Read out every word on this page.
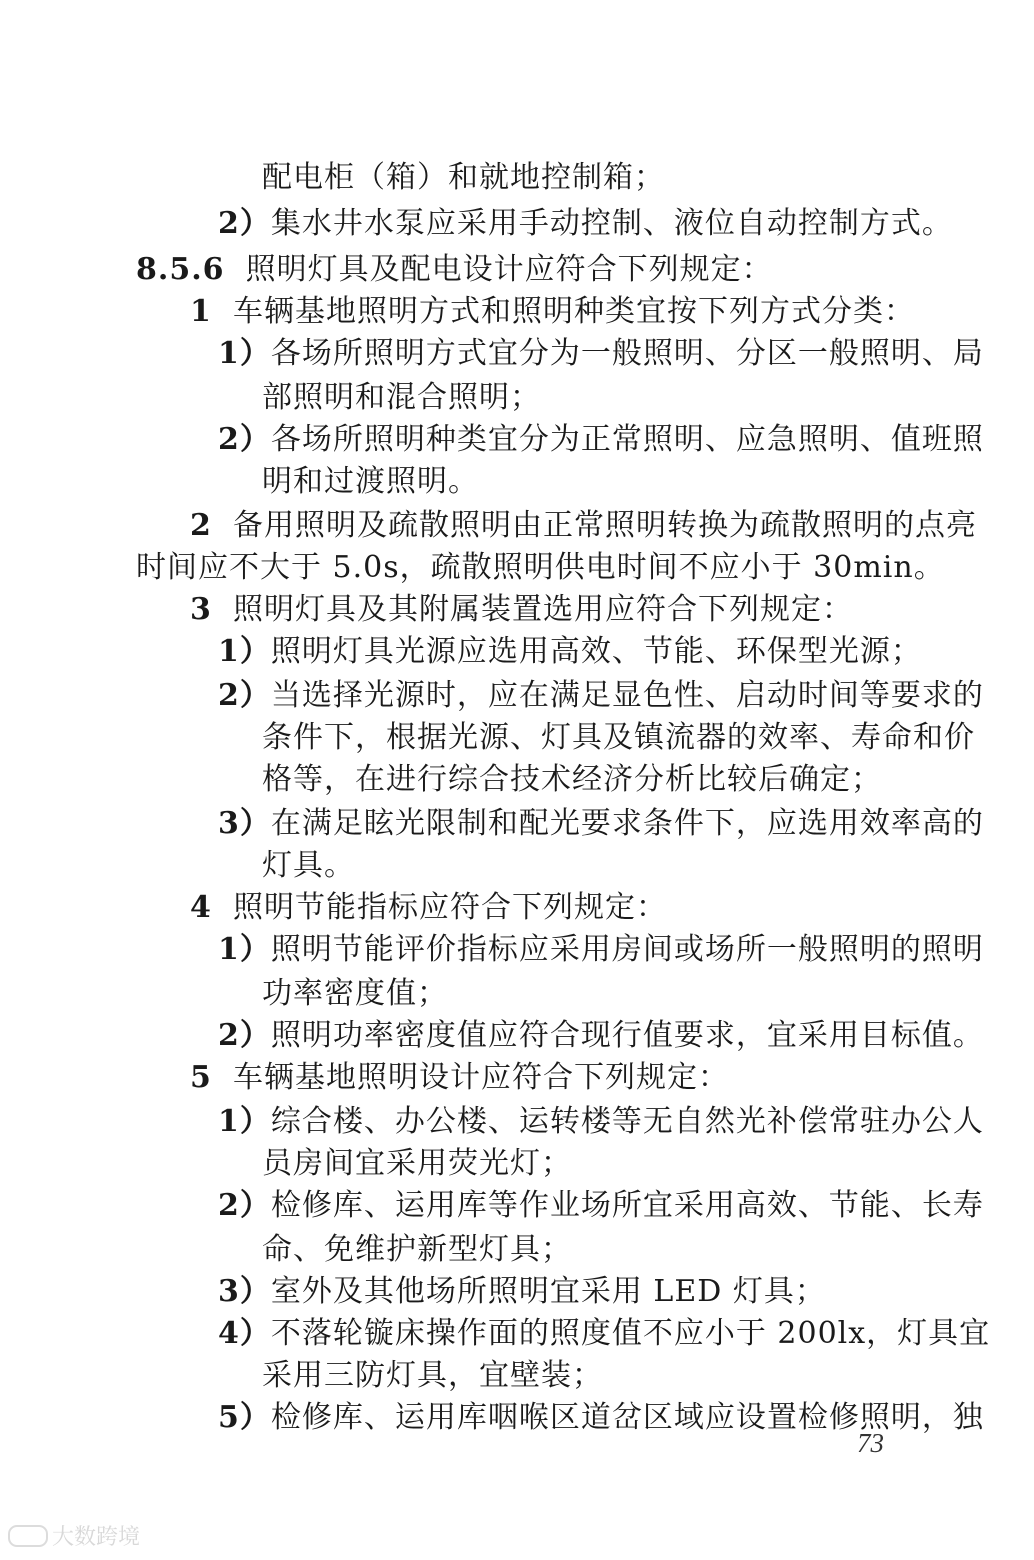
配电柜（箱）和就地控制箱；
2）集水井水泵应采用手动控制、液位自动控制方式。
8.5.6 照明灯具及配电设计应符合下列规定：
1 车辆基地照明方式和照明种类宜按下列方式分类：
1）各场所照明方式宜分为一般照明、分区一般照明、局
部照明和混合照明；
2）各场所照明种类宜分为正常照明、应急照明、值班照
明和过渡照明。
2 备用照明及疏散照明由正常照明转换为疏散照明的点亮
时间应不大于 5.0s，疏散照明供电时间不应小于 30min。
3 照明灯具及其附属装置选用应符合下列规定：
1）照明灯具光源应选用高效、节能、环保型光源；
2）当选择光源时，应在满足显色性、启动时间等要求的
条件下，根据光源、灯具及镇流器的效率、寿命和价
格等，在进行综合技术经济分析比较后确定；
3）在满足眩光限制和配光要求条件下，应选用效率高的
灯具。
4 照明节能指标应符合下列规定：
1）照明节能评价指标应采用房间或场所一般照明的照明
功率密度值；
2）照明功率密度值应符合现行值要求，宜采用目标值。
5 车辆基地照明设计应符合下列规定：
1）综合楼、办公楼、运转楼等无自然光补偿常驻办公人
员房间宜采用荧光灯；
2）检修库、运用库等作业场所宜采用高效、节能、长寿
命、免维护新型灯具；
3）室外及其他场所照明宜采用 LED 灯具；
4）不落轮镟床操作面的照度值不应小于 200lx，灯具宜
采用三防灯具，宜壁装；
5）检修库、运用库咽喉区道岔区域应设置检修照明，独
73
大数跨境
